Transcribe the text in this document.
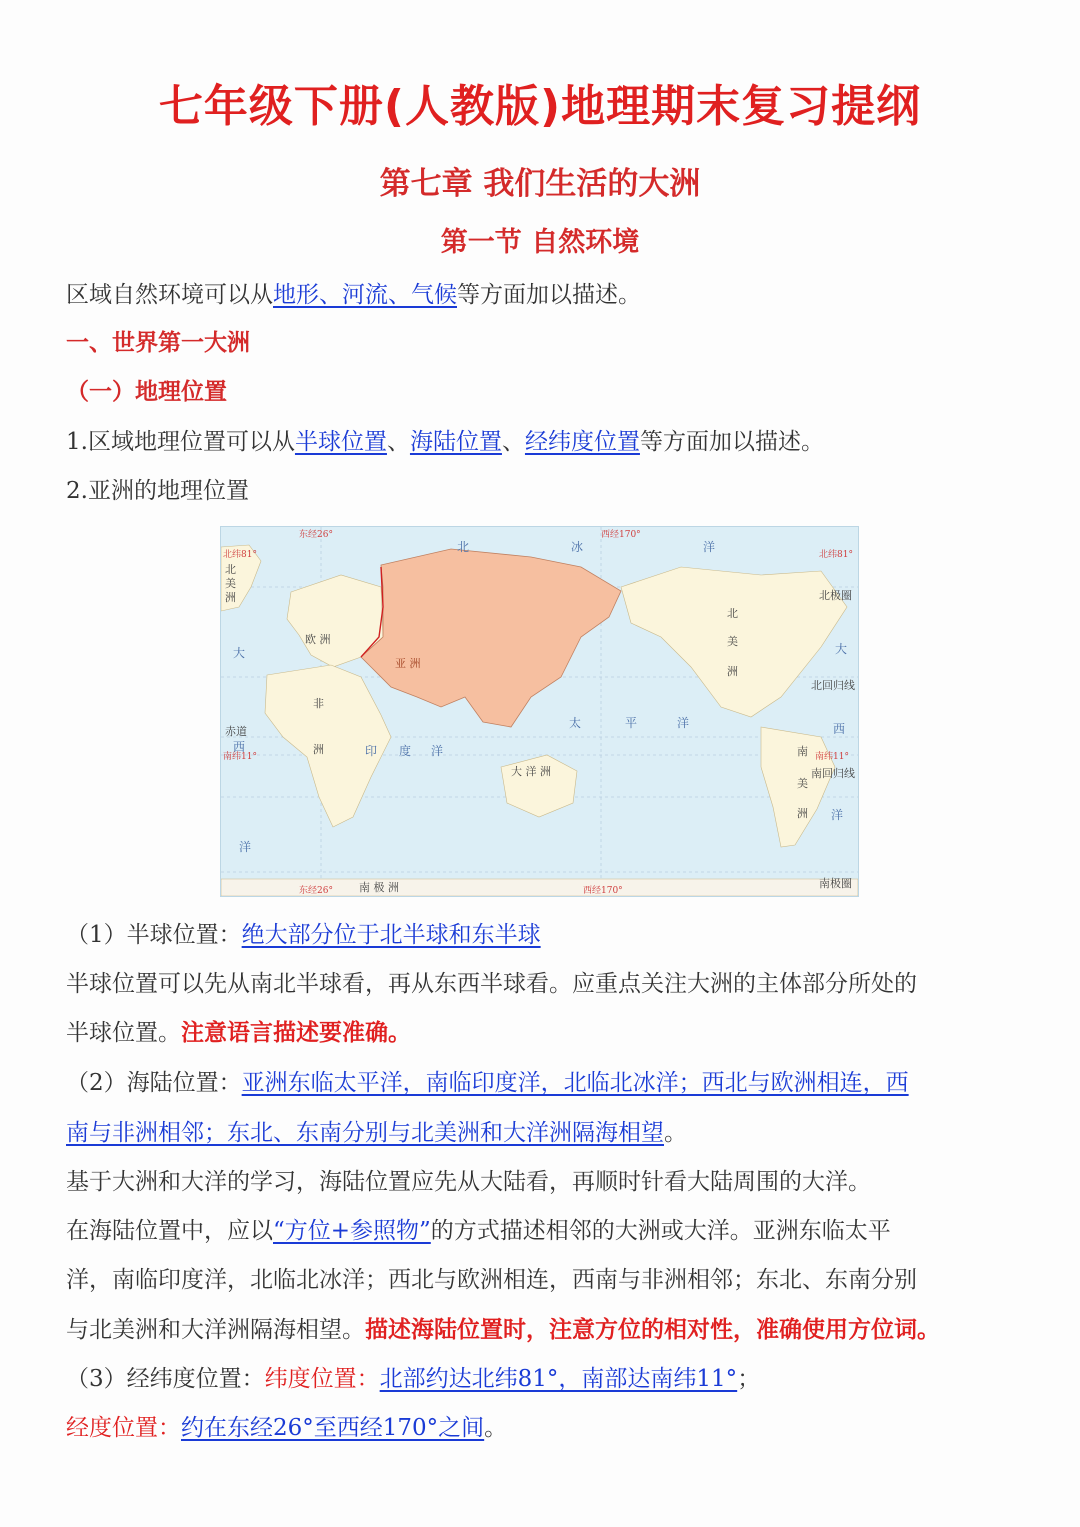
七年级下册(人教版)地理期末复习提纲
第七章 我们生活的大洲
第一节 自然环境
区域自然环境可以从地形、河流、气候等方面加以描述。
一、世界第一大洲
（一）地理位置
1.区域地理位置可以从半球位置、海陆位置、经纬度位置等方面加以描述。
2.亚洲的地理位置
东经26°	西经170°
东经26°	西经170°
北纬81°	北纬81°
南纬11°	南纬11°
赤道
北极圈
北回归线
南回归线
南极圈
北	冰	洋
太	平	洋
印 度 洋
大
西
洋
大
西
洋
欧 洲
亚 洲
非
洲
北
美
洲
北
美
洲
南
美
洲
大 洋 洲
南 极 洲
（1）半球位置：绝大部分位于北半球和东半球
半球位置可以先从南北半球看，再从东西半球看。应重点关注大洲的主体部分所处的
半球位置。注意语言描述要准确。
（2）海陆位置：亚洲东临太平洋，南临印度洋，北临北冰洋；西北与欧洲相连，西
南与非洲相邻；东北、东南分别与北美洲和大洋洲隔海相望。
基于大洲和大洋的学习，海陆位置应先从大陆看，再顺时针看大陆周围的大洋。
在海陆位置中，应以“方位+参照物”的方式描述相邻的大洲或大洋。亚洲东临太平
洋，南临印度洋，北临北冰洋；西北与欧洲相连，西南与非洲相邻；东北、东南分别
与北美洲和大洋洲隔海相望。描述海陆位置时，注意方位的相对性，准确使用方位词。
（3）经纬度位置：纬度位置：北部约达北纬81°，南部达南纬11°；
经度位置：约在东经26°至西经170°之间。
